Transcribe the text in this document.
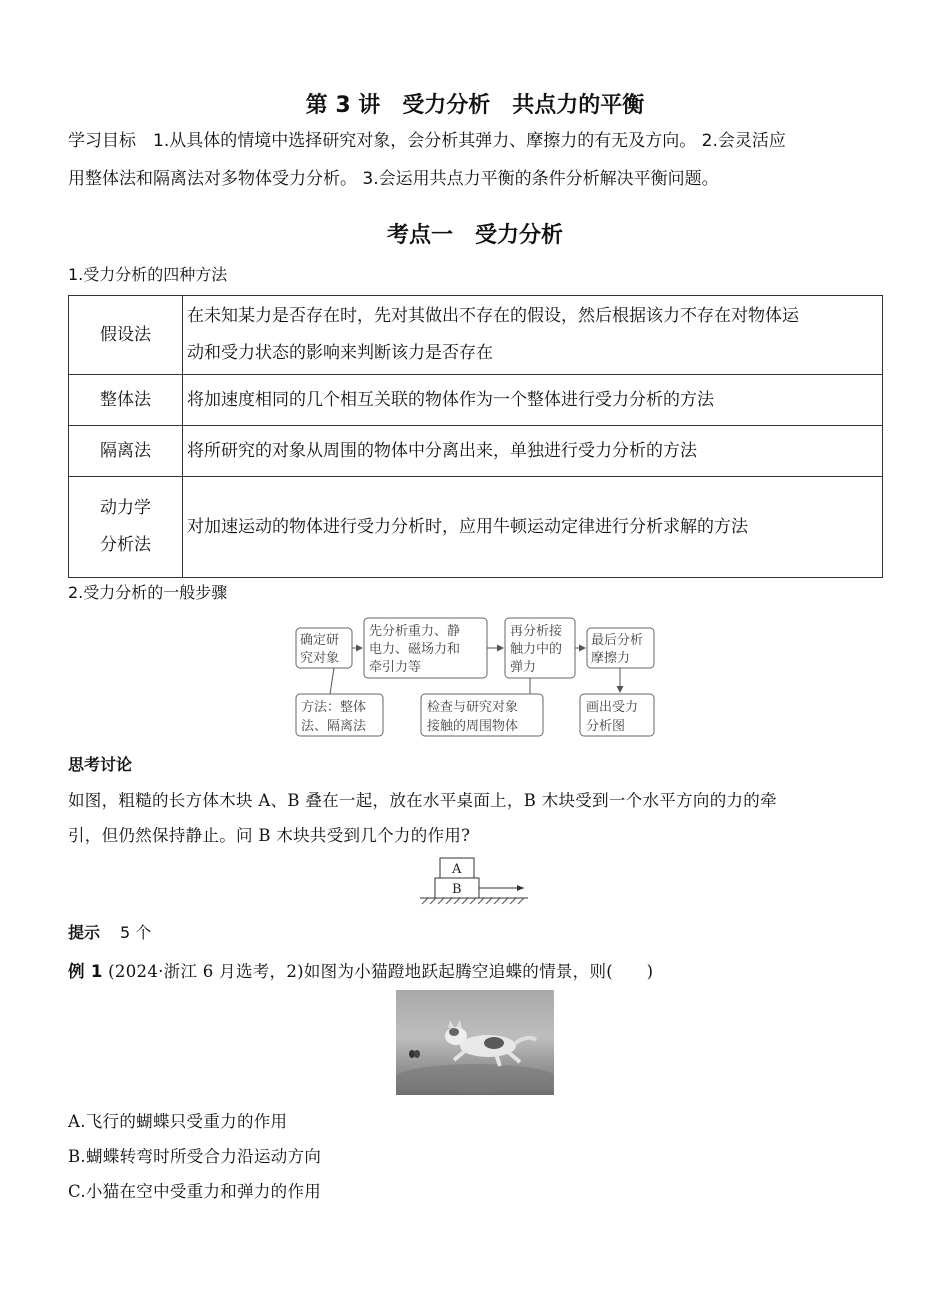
第 3 讲　受力分析　共点力的平衡
学习目标　1.从具体的情境中选择研究对象，会分析其弹力、摩擦力的有无及方向。 2.会灵活应
用整体法和隔离法对多物体受力分析。 3.会运用共点力平衡的条件分析解决平衡问题。
考点一　受力分析
1.受力分析的四种方法
假设法	在未知某力是否存在时，先对其做出不存在的假设，然后根据该力不存在对物体运
动和受力状态的影响来判断该力是否存在

整体法	将加速度相同的几个相互关联的物体作为一个整体进行受力分析的方法
隔离法	将所研究的对象从周围的物体中分离出来，单独进行受力分析的方法

动力学
分析法	对加速运动的物体进行受力分析时，应用牛顿运动定律进行分析求解的方法
2.受力分析的一般步骤
确定研
究对象
先分析重力、静
电力、磁场力和
牵引力等
再分析接
触力中的
弹力
最后分析
摩擦力
方法：整体
法、隔离法
检查与研究对象
接触的周围物体
画出受力
分析图
思考讨论
如图，粗糙的长方体木块 A、B 叠在一起，放在水平桌面上，B 木块受到一个水平方向的力的牵
引，但仍然保持静止。问 B 木块共受到几个力的作用?
A
B
提示 5 个
例 1 (2024·浙江 6 月选考，2)如图为小猫蹬地跃起腾空追蝶的情景，则(　　)
A.飞行的蝴蝶只受重力的作用
B.蝴蝶转弯时所受合力沿运动方向
C.小猫在空中受重力和弹力的作用
